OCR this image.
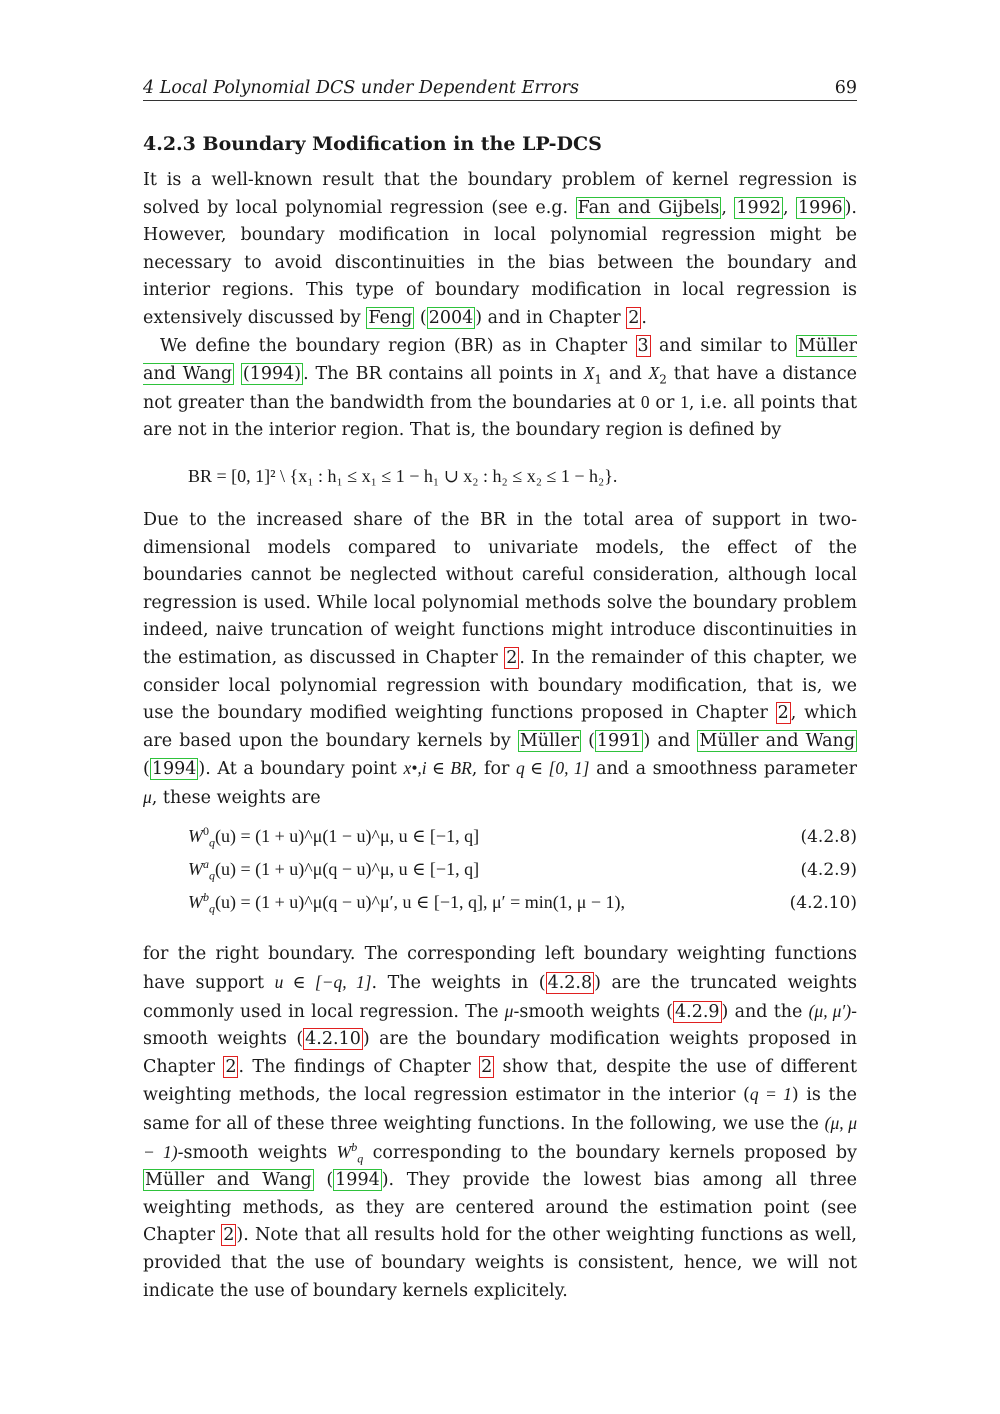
4 Local Polynomial DCS under Dependent Errors	69
4.2.3 Boundary Modification in the LP-DCS

It is a well-known result that the boundary problem of kernel regression is solved by local polynomial regression (see e.g. Fan and Gijbels , 1992 , 1996 ). However, boundary modification in local polynomial regression might be necessary to avoid discontinuities in the bias between the boundary and interior regions. This type of boundary modification in local regression is extensively discussed by Feng ( 2004 ) and in Chapter 2 .

We define the boundary region (BR) as in Chapter 3 and similar to Müller and Wang (1994) . The BR contains all points in $X_1$ and $X_2$ that have a distance not greater than the bandwidth from the boundaries at 0 or 1, i.e. all points that are not in the interior region. That is, the boundary region is defined by

BR = [0, 1]² \ {x₁ : h₁ ≤ x₁ ≤ 1 − h₁ ∪ x₂ : h₂ ≤ x₂ ≤ 1 − h₂}.

Due to the increased share of the BR in the total area of support in two-dimensional models compared to univariate models, the effect of the boundaries cannot be neglected without careful consideration, although local regression is used. While local polynomial methods solve the boundary problem indeed, naive truncation of weight functions might introduce discontinuities in the estimation, as discussed in Chapter 2 . In the remainder of this chapter, we consider local polynomial regression with boundary modification, that is, we use the boundary modified weighting functions proposed in Chapter 2 , which are based upon the boundary kernels by Müller ( 1991 ) and Müller and Wang ( 1994 ). At a boundary point x•,i ∈ BR, for q ∈ [0, 1] and a smoothness parameter μ, these weights are

$W^0_q(u) = (1$ + u)^μ(1 − u)^μ, u ∈ [−1, q]	(4.2.8)
$W^a_q(u) = (1$ + u)^μ(q − u)^μ, u ∈ [−1, q]	(4.2.9)
$W^b_q(u) = (1$ + u)^μ(q − u)^μ′, u ∈ [−1, q], μ′ = min(1, μ − 1),	(4.2.10)

for the right boundary. The corresponding left boundary weighting functions have support u ∈ [−q, 1]. The weights in ( 4.2.8 ) are the truncated weights commonly used in local regression. The μ-smooth weights ( 4.2.9 ) and the (μ, μ′)-smooth weights ( 4.2.10 ) are the boundary modification weights proposed in Chapter 2 . The findings of Chapter 2 show that, despite the use of different weighting methods, the local regression estimator in the interior (q = 1) is the same for all of these three weighting functions. In the following, we use the (μ, μ − 1)-smooth weights $W^b_q$ corresponding to the boundary kernels proposed by Müller and Wang ( 1994 ). They provide the lowest bias among all three weighting methods, as they are centered around the estimation point (see Chapter 2 ). Note that all results hold for the other weighting functions as well, provided that the use of boundary weights is consistent, hence, we will not indicate the use of boundary kernels explicitely.
